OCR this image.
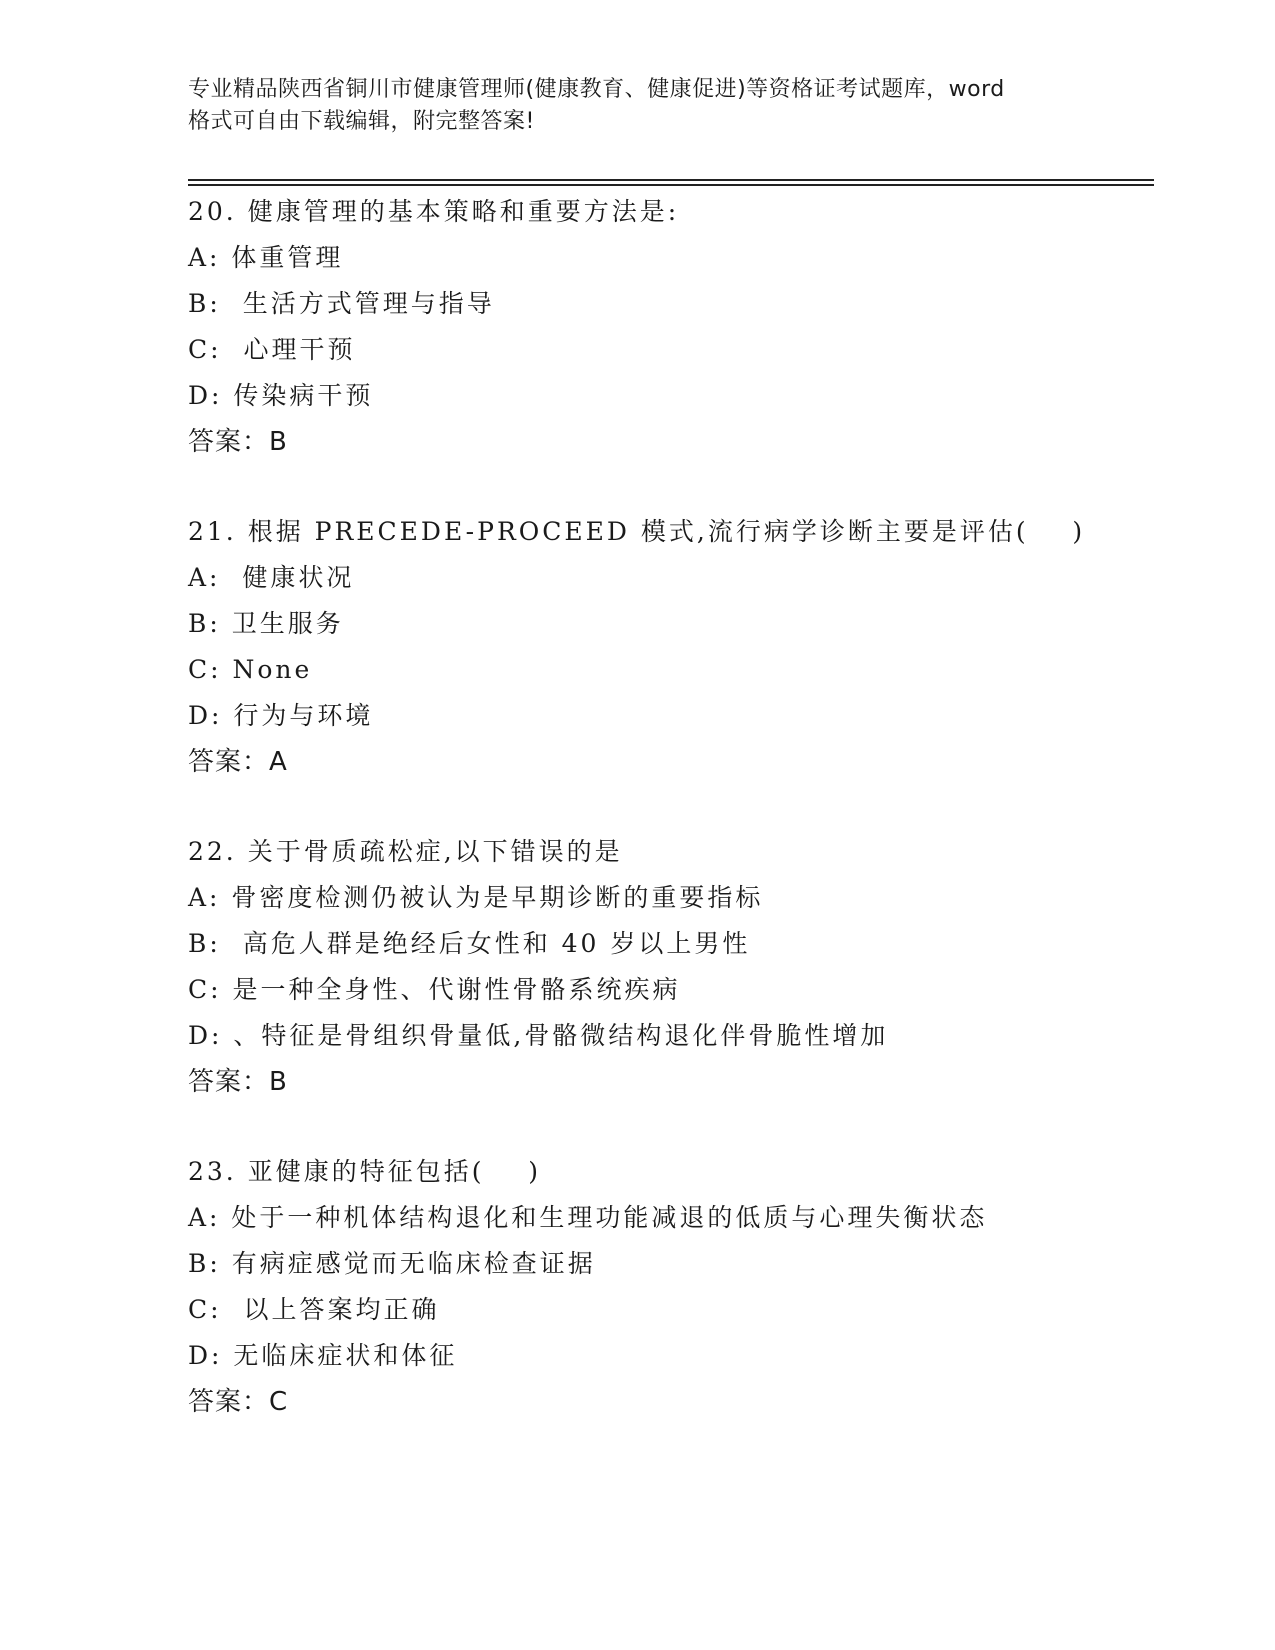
专业精品陕西省铜川市健康管理师(健康教育、健康促进)等资格证考试题库，word
格式可自由下载编辑，附完整答案!
20. 健康管理的基本策略和重要方法是:
A: 体重管理
B:  生活方式管理与指导
C:  心理干预
D: 传染病干预
答案：B
21. 根据 PRECEDE-PROCEED 模式,流行病学诊断主要是评估(    )
A:  健康状况
B: 卫生服务
C: None
D: 行为与环境
答案：A
22. 关于骨质疏松症,以下错误的是
A: 骨密度检测仍被认为是早期诊断的重要指标
B:  高危人群是绝经后女性和 40 岁以上男性
C: 是一种全身性、代谢性骨骼系统疾病
D: 、特征是骨组织骨量低,骨骼微结构退化伴骨脆性增加
答案：B
23. 亚健康的特征包括(    )
A: 处于一种机体结构退化和生理功能减退的低质与心理失衡状态
B: 有病症感觉而无临床检查证据
C:  以上答案均正确
D: 无临床症状和体征
答案：C
